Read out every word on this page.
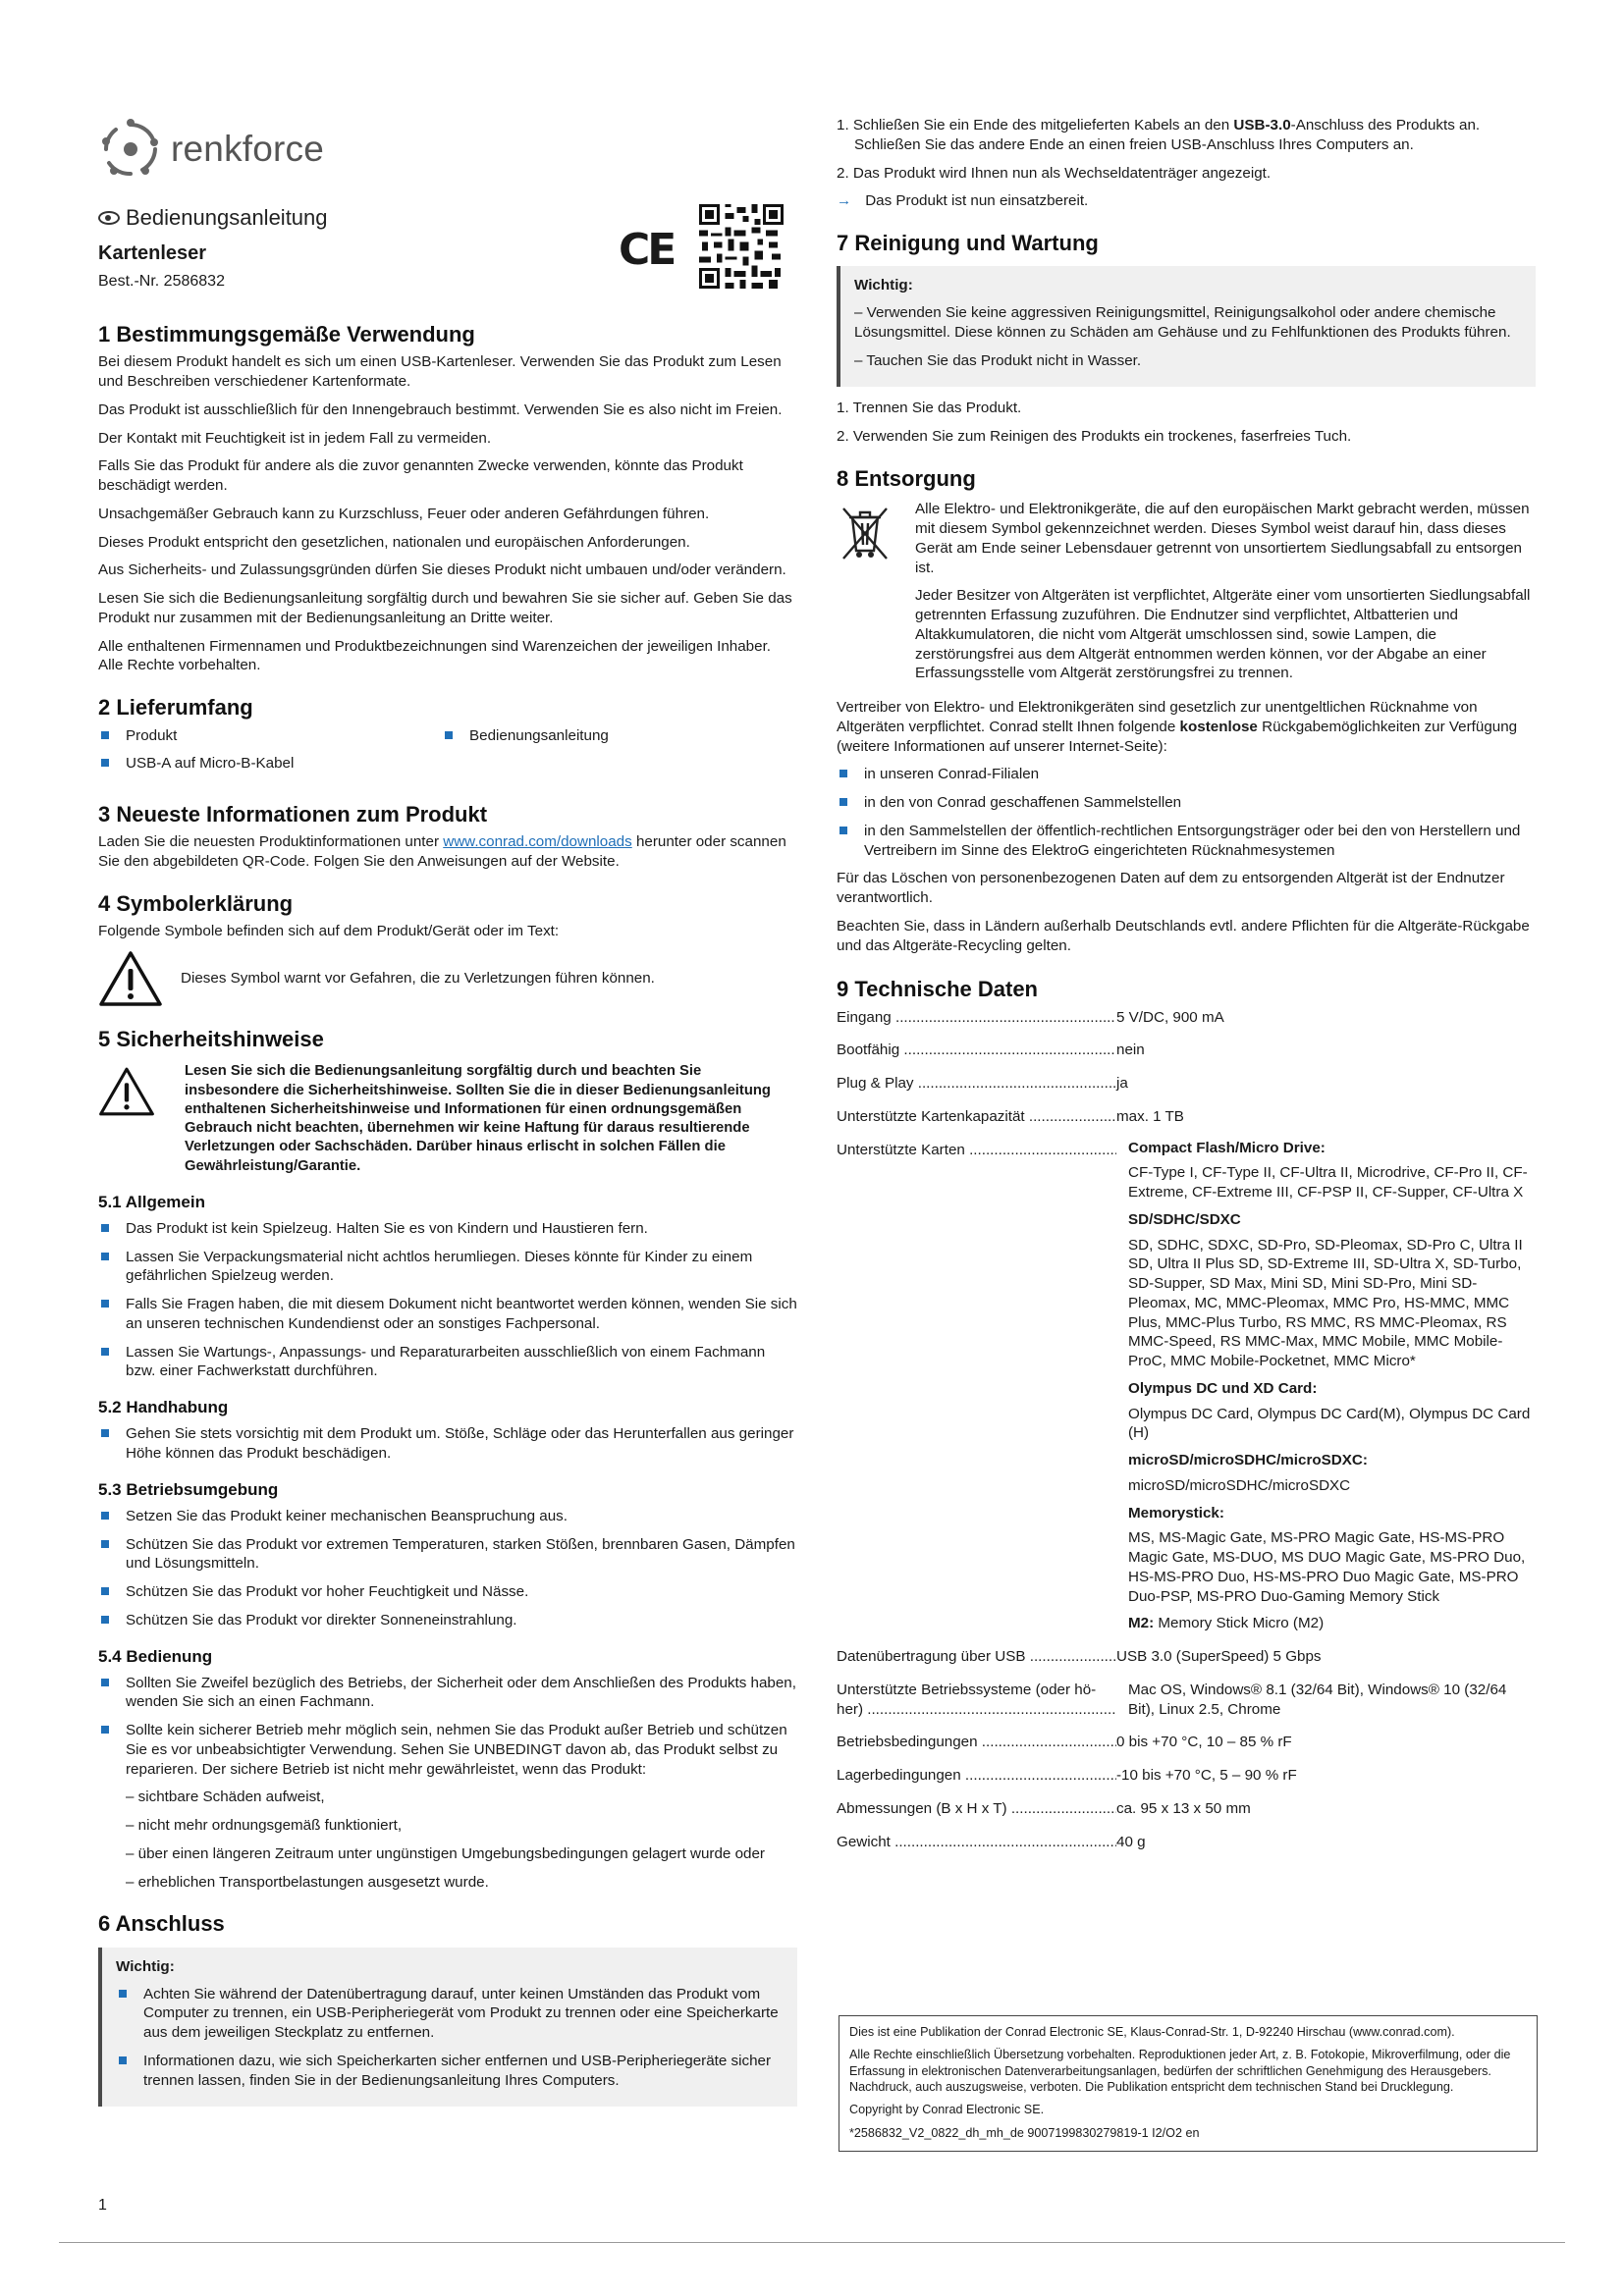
renkforce
Bedienungsanleitung
Kartenleser
Best.-Nr. 2586832
CE
1 Bestimmungsgemäße Verwendung

Bei diesem Produkt handelt es sich um einen USB-Kartenleser. Verwenden Sie das Produkt zum Lesen und Beschreiben verschiedener Kartenformate.

Das Produkt ist ausschließlich für den Innengebrauch bestimmt. Verwenden Sie es also nicht im Freien.

Der Kontakt mit Feuchtigkeit ist in jedem Fall zu vermeiden.

Falls Sie das Produkt für andere als die zuvor genannten Zwecke verwenden, könnte das Produkt beschädigt werden.

Unsachgemäßer Gebrauch kann zu Kurzschluss, Feuer oder anderen Gefährdungen führen.

Dieses Produkt entspricht den gesetzlichen, nationalen und europäischen Anforderungen.

Aus Sicherheits- und Zulassungsgründen dürfen Sie dieses Produkt nicht umbauen und/oder verändern.

Lesen Sie sich die Bedienungsanleitung sorgfältig durch und bewahren Sie sie sicher auf. Geben Sie das Produkt nur zusammen mit der Bedienungsanleitung an Dritte weiter.

Alle enthaltenen Firmennamen und Produktbezeichnungen sind Warenzeichen der jeweiligen Inhaber. Alle Rechte vorbehalten.

2 Lieferumfang
Produkt	Bedienungsanleitung
USB-A auf Micro-B-Kabel
3 Neueste Informationen zum Produkt

Laden Sie die neuesten Produktinformationen unter www.conrad.com/downloads herunter oder scannen Sie den abgebildeten QR-Code. Folgen Sie den Anweisungen auf der Website.

4 Symbolerklärung

Folgende Symbole befinden sich auf dem Produkt/Gerät oder im Text:

Dieses Symbol warnt vor Gefahren, die zu Verletzungen führen können.
5 Sicherheitshinweise
Lesen Sie sich die Bedienungsanleitung sorgfältig durch und beachten Sie insbesondere die Sicherheitshinweise. Sollten Sie die in dieser Bedienungsanleitung enthaltenen Sicherheitshinweise und Informationen für einen ordnungsgemäßen Gebrauch nicht beachten, übernehmen wir keine Haftung für daraus resultierende Verletzungen oder Sachschäden. Darüber hinaus erlischt in solchen Fällen die Gewährleistung/Garantie.
5.1 Allgemein
Das Produkt ist kein Spielzeug. Halten Sie es von Kindern und Haustieren fern.
Lassen Sie Verpackungsmaterial nicht achtlos herumliegen. Dieses könnte für Kinder zu einem gefährlichen Spielzeug werden.
Falls Sie Fragen haben, die mit diesem Dokument nicht beantwortet werden können, wenden Sie sich an unseren technischen Kundendienst oder an sonstiges Fachpersonal.
Lassen Sie Wartungs-, Anpassungs- und Reparaturarbeiten ausschließlich von einem Fachmann bzw. einer Fachwerkstatt durchführen.
5.2 Handhabung
Gehen Sie stets vorsichtig mit dem Produkt um. Stöße, Schläge oder das Herunterfallen aus geringer Höhe können das Produkt beschädigen.
5.3 Betriebsumgebung
Setzen Sie das Produkt keiner mechanischen Beanspruchung aus.
Schützen Sie das Produkt vor extremen Temperaturen, starken Stößen, brennbaren Gasen, Dämpfen und Lösungsmitteln.
Schützen Sie das Produkt vor hoher Feuchtigkeit und Nässe.
Schützen Sie das Produkt vor direkter Sonneneinstrahlung.
5.4 Bedienung
Sollten Sie Zweifel bezüglich des Betriebs, der Sicherheit oder dem Anschließen des Produkts haben, wenden Sie sich an einen Fachmann.
Sollte kein sicherer Betrieb mehr möglich sein, nehmen Sie das Produkt außer Betrieb und schützen Sie es vor unbeabsichtigter Verwendung. Sehen Sie UNBEDINGT davon ab, das Produkt selbst zu reparieren. Der sichere Betrieb ist nicht mehr gewährleistet, wenn das Produkt:
– sichtbare Schäden aufweist,
– nicht mehr ordnungsgemäß funktioniert,
– über einen längeren Zeitraum unter ungünstigen Umgebungsbedingungen gelagert wurde oder
– erheblichen Transportbelastungen ausgesetzt wurde.
6 Anschluss
Wichtig:
Achten Sie während der Datenübertragung darauf, unter keinen Umständen das Produkt vom Computer zu trennen, ein USB-Peripheriegerät vom Produkt zu trennen oder eine Speicherkarte aus dem jeweiligen Steckplatz zu entfernen.
Informationen dazu, wie sich Speicherkarten sicher entfernen und USB-Peripheriegeräte sicher trennen lassen, finden Sie in der Bedienungsanleitung Ihres Computers.
1. Schließen Sie ein Ende des mitgelieferten Kabels an den USB-3.0-Anschluss des Produkts an.
Schließen Sie das andere Ende an einen freien USB-Anschluss Ihres Computers an.
2. Das Produkt wird Ihnen nun als Wechseldatenträger angezeigt.
→ Das Produkt ist nun einsatzbereit.
7 Reinigung und Wartung
Wichtig:
– Verwenden Sie keine aggressiven Reinigungsmittel, Reinigungsalkohol oder andere chemische Lösungsmittel. Diese können zu Schäden am Gehäuse und zu Fehlfunktionen des Produkts führen.
– Tauchen Sie das Produkt nicht in Wasser.
1. Trennen Sie das Produkt.
2. Verwenden Sie zum Reinigen des Produkts ein trockenes, faserfreies Tuch.
8 Entsorgung

Alle Elektro- und Elektronikgeräte, die auf den europäischen Markt gebracht werden, müssen mit diesem Symbol gekennzeichnet werden. Dieses Symbol weist darauf hin, dass dieses Gerät am Ende seiner Lebensdauer getrennt von unsortiertem Siedlungsabfall zu entsorgen ist.

Jeder Besitzer von Altgeräten ist verpflichtet, Altgeräte einer vom unsortierten Siedlungsabfall getrennten Erfassung zuzuführen. Die Endnutzer sind verpflichtet, Altbatterien und Altakkumulatoren, die nicht vom Altgerät umschlossen sind, sowie Lampen, die zerstörungsfrei aus dem Altgerät entnommen werden können, vor der Abgabe an einer Erfassungsstelle vom Altgerät zerstörungsfrei zu trennen.

Vertreiber von Elektro- und Elektronikgeräten sind gesetzlich zur unentgeltlichen Rücknahme von Altgeräten verpflichtet. Conrad stellt Ihnen folgende kostenlose Rückgabemöglichkeiten zur Verfügung (weitere Informationen auf unserer Internet-Seite):

in unseren Conrad-Filialen
in den von Conrad geschaffenen Sammelstellen
in den Sammelstellen der öffentlich-rechtlichen Entsorgungsträger oder bei den von Herstellern und Vertreibern im Sinne des ElektroG eingerichteten Rücknahmesystemen

Für das Löschen von personenbezogenen Daten auf dem zu entsorgenden Altgerät ist der Endnutzer verantwortlich.

Beachten Sie, dass in Ländern außerhalb Deutschlands evtl. andere Pflichten für die Altgeräte-Rückgabe und das Altgeräte-Recycling gelten.

9 Technische Daten
Eingang .....	5 V/DC, 900 mA
Bootfähig .....	nein
Plug & Play .....	ja
Unterstützte Kartenkapazität .....	max. 1 TB
Unterstützte Karten .....	Compact Flash/Micro Drive:
CF-Type I, CF-Type II, CF-Ultra II, Microdrive, CF-Pro II, CF-Extreme, CF-Extreme III, CF-PSP II, CF-Supper, CF-Ultra X
SD/SDHC/SDXC
SD, SDHC, SDXC, SD-Pro, SD-Pleomax, SD-Pro C, Ultra II SD, Ultra II Plus SD, SD-Extreme III, SD-Ultra X, SD-Turbo, SD-Supper, SD Max, Mini SD, Mini SD-Pro, Mini SD-Pleomax, MC, MMC-Pleomax, MMC Pro, HS-MMC, MMC Plus, MMC-Plus Turbo, RS MMC, RS MMC-Pleomax, RS MMC-Speed, RS MMC-Max, MMC Mobile, MMC Mobile-ProC, MMC Mobile-Pocketnet, MMC Micro*
Olympus DC und XD Card:
Olympus DC Card, Olympus DC Card(M), Olympus DC Card (H)
microSD/microSDHC/microSDXC:
microSD/microSDHC/microSDXC
Memorystick:
MS, MS-Magic Gate, MS-PRO Magic Gate, HS-MS-PRO Magic Gate, MS-DUO, MS DUO Magic Gate, MS-PRO Duo, HS-MS-PRO Duo, HS-MS-PRO Duo Magic Gate, MS-PRO Duo-PSP, MS-PRO Duo-Gaming Memory Stick
M2: Memory Stick Micro (M2)
Datenübertragung über USB .....	USB 3.0 (SuperSpeed) 5 Gbps
Unterstützte Betriebssysteme (oder hö-
her) .....
Mac OS, Windows® 8.1 (32/64 Bit), Windows® 10 (32/64 Bit), Linux 2.5, Chrome
Betriebsbedingungen .....	0 bis +70 °C, 10 – 85 % rF
Lagerbedingungen .....	-10 bis +70 °C, 5 – 90 % rF
Abmessungen (B x H x T) .....	ca. 95 x 13 x 50 mm
Gewicht .....	40 g

Dies ist eine Publikation der Conrad Electronic SE, Klaus-Conrad-Str. 1, D-92240 Hirschau (www.conrad.com).

Alle Rechte einschließlich Übersetzung vorbehalten. Reproduktionen jeder Art, z. B. Fotokopie, Mikroverfilmung, oder die Erfassung in elektronischen Datenverarbeitungsanlagen, bedürfen der schriftlichen Genehmigung des Herausgebers. Nachdruck, auch auszugsweise, verboten. Die Publikation entspricht dem technischen Stand bei Drucklegung.

Copyright by Conrad Electronic SE.

*2586832_V2_0822_dh_mh_de 9007199830279819-1 I2/O2 en

1
